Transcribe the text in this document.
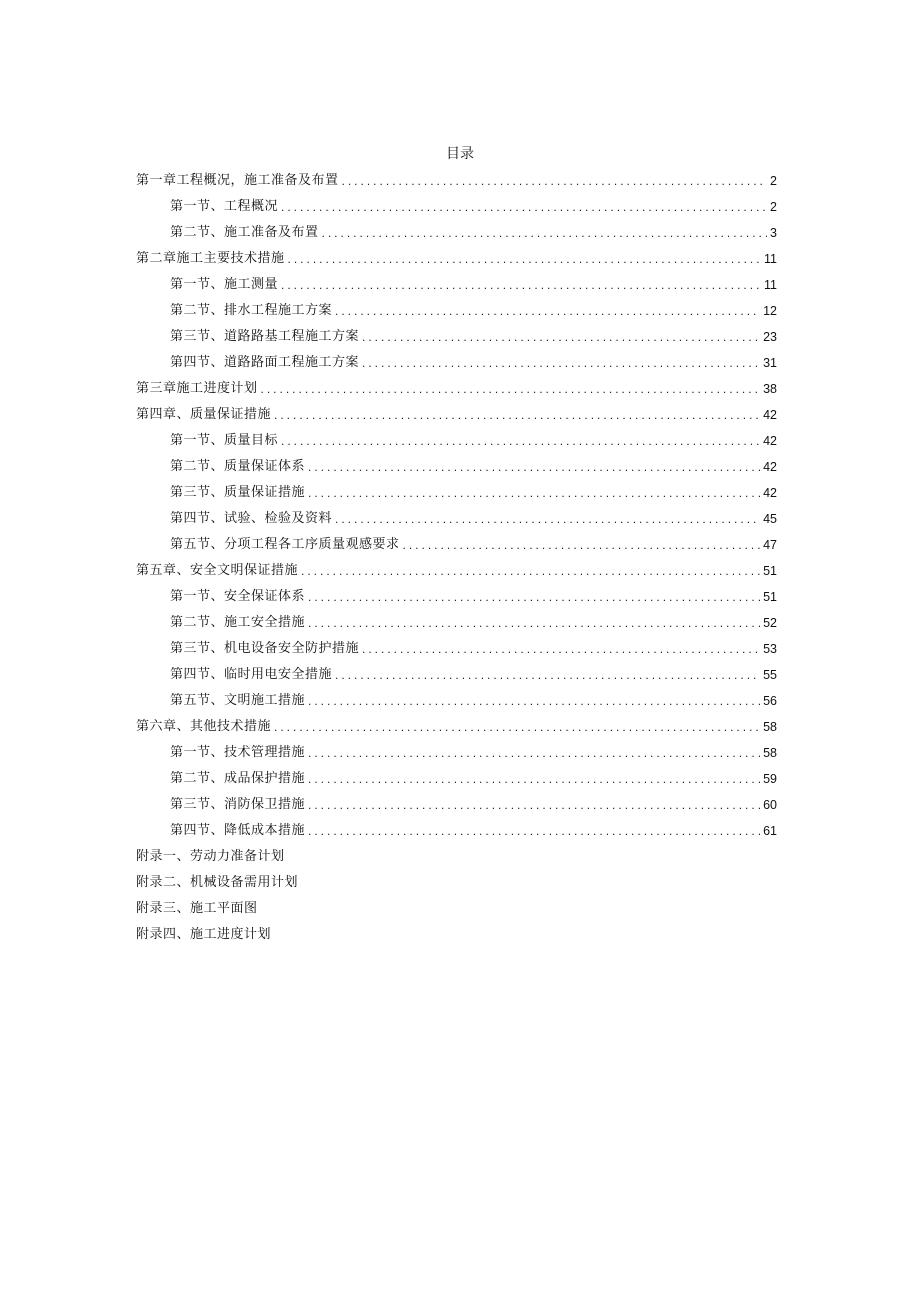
目录
第一章工程概况，施工准备及布置 .....	2
第一节、工程概况 .....	2
第二节、施工准备及布置 .....	3
第二章施工主要技术措施 .....	11
第一节、施工测量 .....	11
第二节、排水工程施工方案 .....	12
第三节、道路路基工程施工方案 .....	23
第四节、道路路面工程施工方案 .....	31
第三章施工进度计划 .....	38
第四章、质量保证措施 .....	42
第一节、质量目标 .....	42
第二节、质量保证体系 .....	42
第三节、质量保证措施 .....	42
第四节、试验、检验及资料 .....	45
第五节、分项工程各工序质量观感要求 .....	47
第五章、安全文明保证措施 .....	51
第一节、安全保证体系 .....	51
第二节、施工安全措施 .....	52
第三节、机电设备安全防护措施 .....	53
第四节、临时用电安全措施 .....	55
第五节、文明施工措施 .....	56
第六章、其他技术措施 .....	58
第一节、技术管理措施 .....	58
第二节、成品保护措施 .....	59
第三节、消防保卫措施 .....	60
第四节、降低成本措施 .....	61
附录一、劳动力准备计划
附录二、机械设备需用计划
附录三、施工平面图
附录四、施工进度计划
